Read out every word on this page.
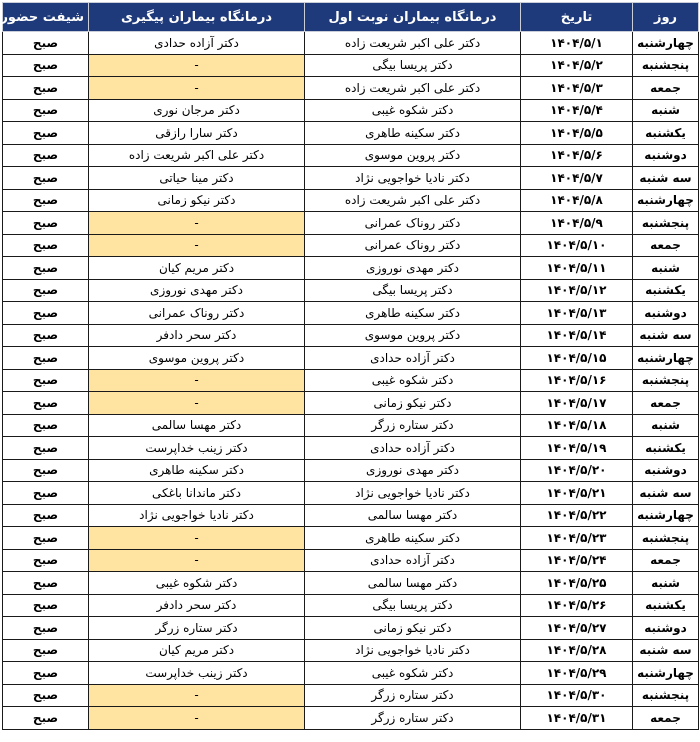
روز	تاریخ	درمانگاه بیماران نوبت اول	درمانگاه بیماران پیگیری	شیفت حضور
چهارشنبه	۱۴۰۴/۵/۱	دکتر علی اکبر شریعت زاده	دکتر آزاده حدادی	صبح
پنجشنبه	۱۴۰۴/۵/۲	دکتر پریسا بیگی	-	صبح
جمعه	۱۴۰۴/۵/۳	دکتر علی اکبر شریعت زاده	-	صبح
شنبه	۱۴۰۴/۵/۴	دکتر شکوه غیبی	دکتر مرجان نوری	صبح
یکشنبه	۱۴۰۴/۵/۵	دکتر سکینه طاهری	دکتر سارا رازقی	صبح
دوشنبه	۱۴۰۴/۵/۶	دکتر پروین موسوی	دکتر علی اکبر شریعت زاده	صبح
سه شنبه	۱۴۰۴/۵/۷	دکتر نادیا خواجویی نژاد	دکتر مینا حیاتی	صبح
چهارشنبه	۱۴۰۴/۵/۸	دکتر علی اکبر شریعت زاده	دکتر نیکو زمانی	صبح
پنجشنبه	۱۴۰۴/۵/۹	دکتر روناک عمرانی	-	صبح
جمعه	۱۴۰۴/۵/۱۰	دکتر روناک عمرانی	-	صبح
شنبه	۱۴۰۴/۵/۱۱	دکتر مهدی نوروزی	دکتر مریم کیان	صبح
یکشنبه	۱۴۰۴/۵/۱۲	دکتر پریسا بیگی	دکتر مهدی نوروزی	صبح
دوشنبه	۱۴۰۴/۵/۱۳	دکتر سکینه طاهری	دکتر روناک عمرانی	صبح
سه شنبه	۱۴۰۴/۵/۱۴	دکتر پروین موسوی	دکتر سحر دادفر	صبح
چهارشنبه	۱۴۰۴/۵/۱۵	دکتر آزاده حدادی	دکتر پروین موسوی	صبح
پنجشنبه	۱۴۰۴/۵/۱۶	دکتر شکوه غیبی	-	صبح
جمعه	۱۴۰۴/۵/۱۷	دکتر نیکو زمانی	-	صبح
شنبه	۱۴۰۴/۵/۱۸	دکتر ستاره زرگر	دکتر مهسا سالمی	صبح
یکشنبه	۱۴۰۴/۵/۱۹	دکتر آزاده حدادی	دکتر زینب خداپرست	صبح
دوشنبه	۱۴۰۴/۵/۲۰	دکتر مهدی نوروزی	دکتر سکینه طاهری	صبح
سه شنبه	۱۴۰۴/۵/۲۱	دکتر نادیا خواجویی نژاد	دکتر ماندانا باغکی	صبح
چهارشنبه	۱۴۰۴/۵/۲۲	دکتر مهسا سالمی	دکتر نادیا خواجویی نژاد	صبح
پنجشنبه	۱۴۰۴/۵/۲۳	دکتر سکینه طاهری	-	صبح
جمعه	۱۴۰۴/۵/۲۴	دکتر آزاده حدادی	-	صبح
شنبه	۱۴۰۴/۵/۲۵	دکتر مهسا سالمی	دکتر شکوه غیبی	صبح
یکشنبه	۱۴۰۴/۵/۲۶	دکتر پریسا بیگی	دکتر سحر دادفر	صبح
دوشنبه	۱۴۰۴/۵/۲۷	دکتر نیکو زمانی	دکتر ستاره زرگر	صبح
سه شنبه	۱۴۰۴/۵/۲۸	دکتر نادیا خواجویی نژاد	دکتر مریم کیان	صبح
چهارشنبه	۱۴۰۴/۵/۲۹	دکتر شکوه غیبی	دکتر زینب خداپرست	صبح
پنجشنبه	۱۴۰۴/۵/۳۰	دکتر ستاره زرگر	-	صبح
جمعه	۱۴۰۴/۵/۳۱	دکتر ستاره زرگر	-	صبح
